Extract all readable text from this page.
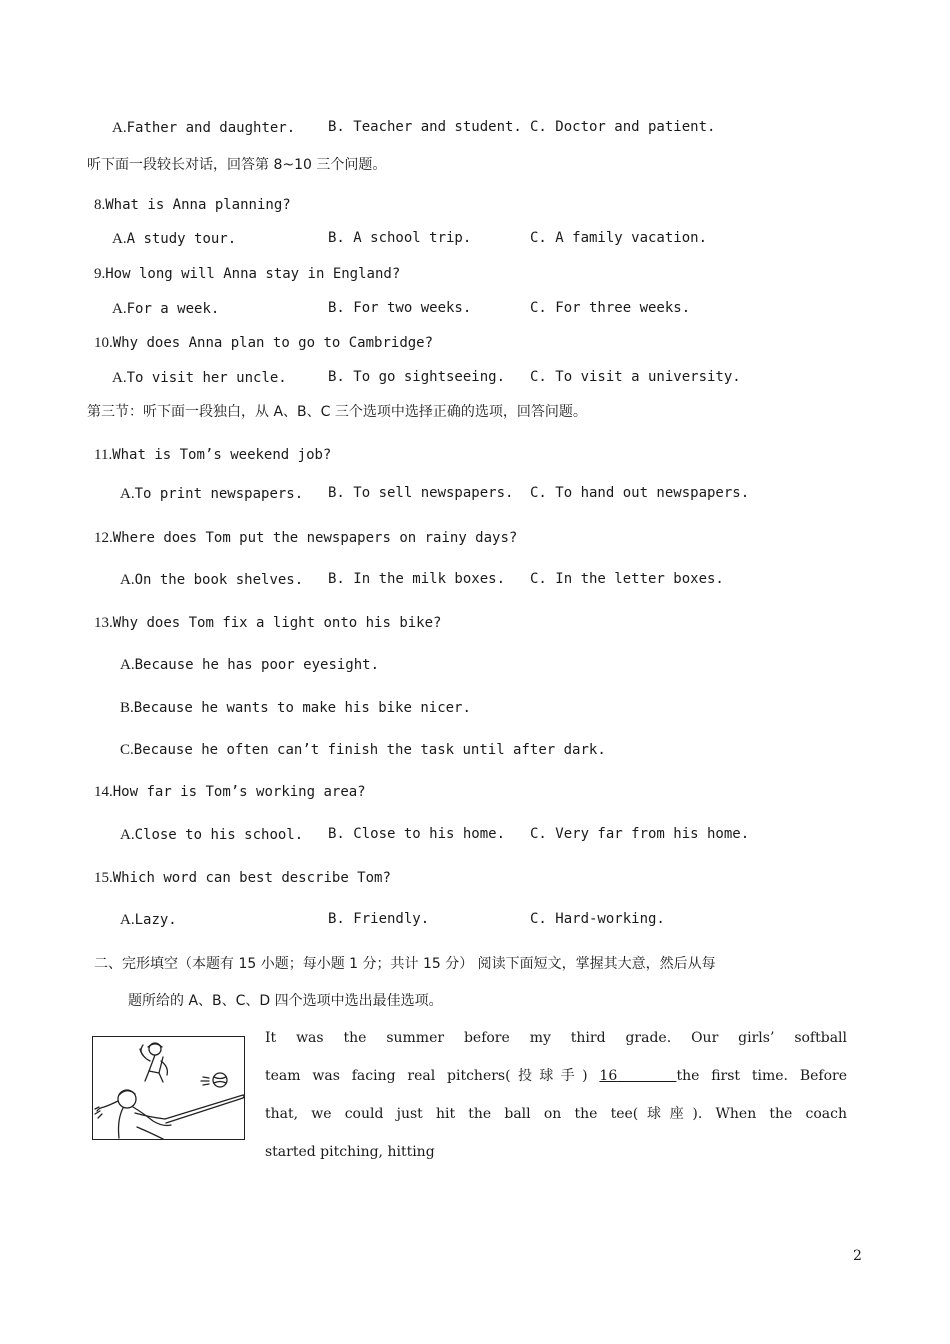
A.Father and daughter. B. Teacher and student. C. Doctor and patient.
听下面一段较长对话，回答第 8~10 三个问题。
8.What is Anna planning?
A.A study tour.	B. A school trip.	C. A family vacation.
9.How long will Anna stay in England?
A.For a week.	B. For two weeks.	C. For three weeks.
10.Why does Anna plan to go to Cambridge?
A.To visit her uncle.	B. To go sightseeing. C. To visit a university.
第三节：听下面一段独白，从 A、B、C 三个选项中选择正确的选项，回答问题。
11.What is Tom’s weekend job?
A.To print newspapers. B. To sell newspapers. C. To hand out newspapers.
12.Where does Tom put the newspapers on rainy days?
A.On the book shelves. B. In the milk boxes. C. In the letter boxes.
13.Why does Tom fix a light onto his bike?
A.Because he has poor eyesight.
B.Because he wants to make his bike nicer.
C.Because he often can’t finish the task until after dark.
14.How far is Tom’s working area?
A.Close to his school. B. Close to his home. C. Very far from his home.
15.Which word can best describe Tom?
A.Lazy.	B. Friendly.	C. Hard-working.
二、完形填空（本题有 15 小题；每小题 1 分；共计 15 分） 阅读下面短文，掌握其大意，然后从每
题所给的 A、B、C、D 四个选项中选出最佳选项。
It was the summer before my third grade. Our girls’ softball
team was facing real pitchers(投球手) 16	the first time. Before
that, we could just hit the ball on the tee(球座). When the coach
started pitching, hitting
2
